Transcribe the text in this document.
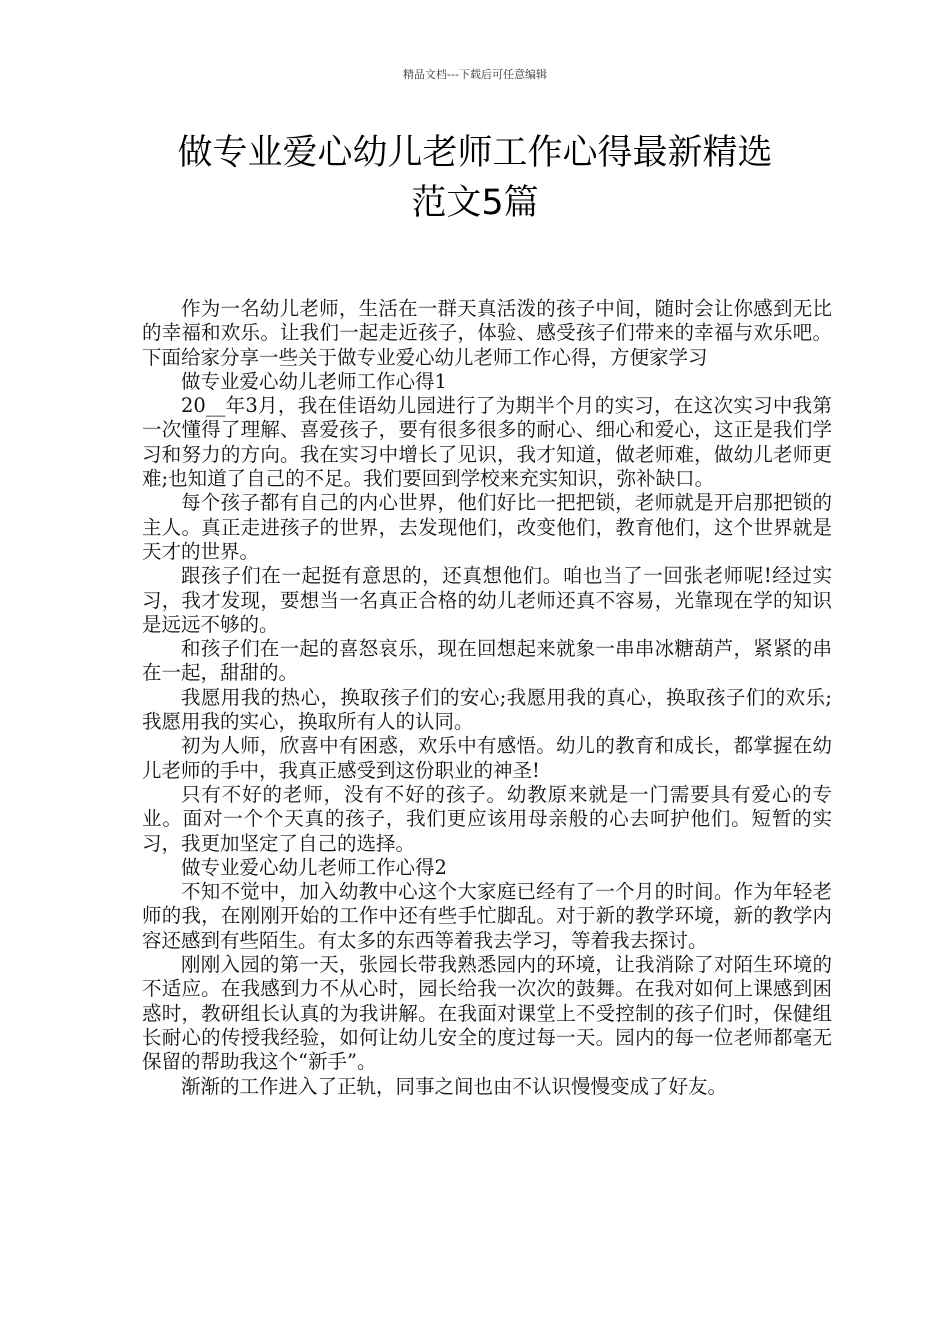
精品文档---下载后可任意编辑
做专业爱心幼儿老师工作心得最新精选
范文5篇

作为一名幼儿老师，生活在一群天真活泼的孩子中间，随时会让你感到无比的幸福和欢乐。让我们一起走近孩子，体验、感受孩子们带来的幸福与欢乐吧。下面给家分享一些关于做专业爱心幼儿老师工作心得，方便家学习

做专业爱心幼儿老师工作心得1

20__年3月，我在佳语幼儿园进行了为期半个月的实习，在这次实习中我第一次懂得了理解、喜爱孩子，要有很多很多的耐心、细心和爱心，这正是我们学习和努力的方向。我在实习中增长了见识，我才知道，做老师难，做幼儿老师更难;也知道了自己的不足。我们要回到学校来充实知识，弥补缺口。

每个孩子都有自己的内心世界，他们好比一把把锁，老师就是开启那把锁的主人。真正走进孩子的世界，去发现他们，改变他们，教育他们，这个世界就是天才的世界。

跟孩子们在一起挺有意思的，还真想他们。咱也当了一回张老师呢!经过实习，我才发现，要想当一名真正合格的幼儿老师还真不容易，光靠现在学的知识是远远不够的。

和孩子们在一起的喜怒哀乐，现在回想起来就象一串串冰糖葫芦，紧紧的串在一起，甜甜的。

我愿用我的热心，换取孩子们的安心;我愿用我的真心，换取孩子们的欢乐;我愿用我的实心，换取所有人的认同。

初为人师，欣喜中有困惑，欢乐中有感悟。幼儿的教育和成长，都掌握在幼儿老师的手中，我真正感受到这份职业的神圣!

只有不好的老师，没有不好的孩子。幼教原来就是一门需要具有爱心的专业。面对一个个天真的孩子，我们更应该用母亲般的心去呵护他们。短暂的实习，我更加坚定了自己的选择。

做专业爱心幼儿老师工作心得2

不知不觉中，加入幼教中心这个大家庭已经有了一个月的时间。作为年轻老师的我，在刚刚开始的工作中还有些手忙脚乱。对于新的教学环境，新的教学内容还感到有些陌生。有太多的东西等着我去学习，等着我去探讨。

刚刚入园的第一天，张园长带我熟悉园内的环境，让我消除了对陌生环境的不适应。在我感到力不从心时，园长给我一次次的鼓舞。在我对如何上课感到困惑时，教研组长认真的为我讲解。在我面对课堂上不受控制的孩子们时，保健组长耐心的传授我经验，如何让幼儿安全的度过每一天。园内的每一位老师都毫无保留的帮助我这个“新手”。

渐渐的工作进入了正轨，同事之间也由不认识慢慢变成了好友。
